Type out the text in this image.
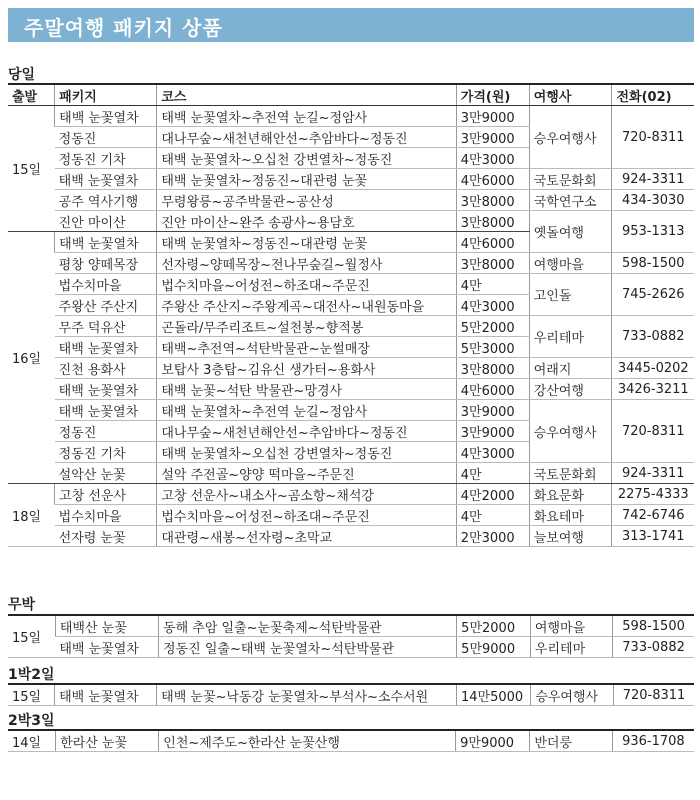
주말여행 패키지 상품
당일
출발	패키지	코스	가격(원)	여행사	전화(02)
15일	태백 눈꽃열차	태백 눈꽃열차~추전역 눈길~정암사	3만9000	승우여행사	720-8311
	정동진	대나무숲~새천년해안선~추암바다~정동진	3만9000		
	정동진 기차	태백 눈꽃열차~오십천 강변열차~정동진	4만3000		
	태백 눈꽃열차	태백 눈꽃열차~정동진~대관령 눈꽃	4만6000	국토문화회	924-3311
	공주 역사기행	무령왕릉~공주박물관~공산성	3만8000	국학연구소	434-3030
	진안 마이산	진안 마이산~완주 송광사~용담호	3만8000	옛돌여행	953-1313
16일	태백 눈꽃열차	태백 눈꽃열차~정동진~대관령 눈꽃	4만6000		
	평창 양떼목장	선자령~양떼목장~전나무숲길~월정사	3만8000	여행마을	598-1500
	법수치마을	법수치마을~어성전~하조대~주문진	4만	고인돌	745-2626
	주왕산 주산지	주왕산 주산지~주왕계곡~대전사~내원동마을	4만3000		
	무주 덕유산	곤돌라/무주리조트~설천봉~향적봉	5만2000	우리테마	733-0882
	태백 눈꽃열차	태백~추전역~석탄박물관~눈썰매장	5만3000		
	진천 용화사	보탑사 3층탑~김유신 생가터~용화사	3만8000	여래지	3445-0202
	태백 눈꽃열차	태백 눈꽃~석탄 박물관~망경사	4만6000	강산여행	3426-3211
	태백 눈꽃열차	태백 눈꽃열차~추전역 눈길~정암사	3만9000	승우여행사	720-8311
	정동진	대나무숲~새천년해안선~추암바다~정동진	3만9000		
	정동진 기차	태백 눈꽃열차~오십천 강변열차~정동진	4만3000		
	설악산 눈꽃	설악 주전골~양양 떡마을~주문진	4만	국토문화회	924-3311
18일	고창 선운사	고창 선운사~내소사~곰소항~채석강	4만2000	화요문화	2275-4333
	법수치마을	법수치마을~어성전~하조대~주문진	4만	화요테마	742-6746
	선자령 눈꽃	대관령~새봉~선자령~초막교	2만3000	늘보여행	313-1741
무박
15일	태백산 눈꽃	동해 추암 일출~눈꽃축제~석탄박물관	5만2000	여행마을	598-1500
	태백 눈꽃열차	정동진 일출~태백 눈꽃열차~석탄박물관	5만9000	우리테마	733-0882
1박2일
15일	태백 눈꽃열차	태백 눈꽃~낙동강 눈꽃열차~부석사~소수서원	14만5000	승우여행사	720-8311
2박3일
14일	한라산 눈꽃	인천~제주도~한라산 눈꽃산행	9만9000	반더룽	936-1708
